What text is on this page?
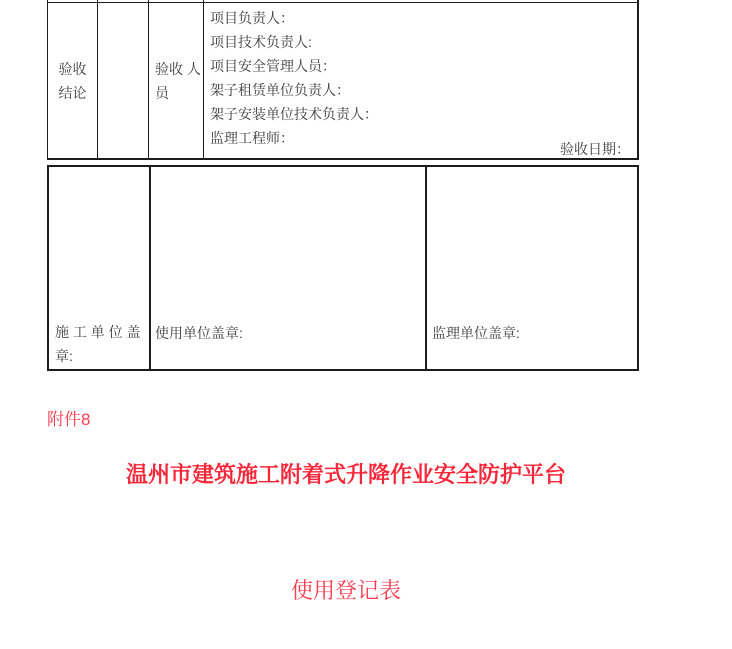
验收结论
验收 人员
项目负责人：
项目技术负责人:
项目安全管理人员：
架子租赁单位负责人：
架子安装单位技术负责人：
监理工程师：
验收日期：
施 工 单 位 盖 章:
使用单位盖章:	监理单位盖章:
附件8
温州市建筑施工附着式升降作业安全防护平台
使用登记表
